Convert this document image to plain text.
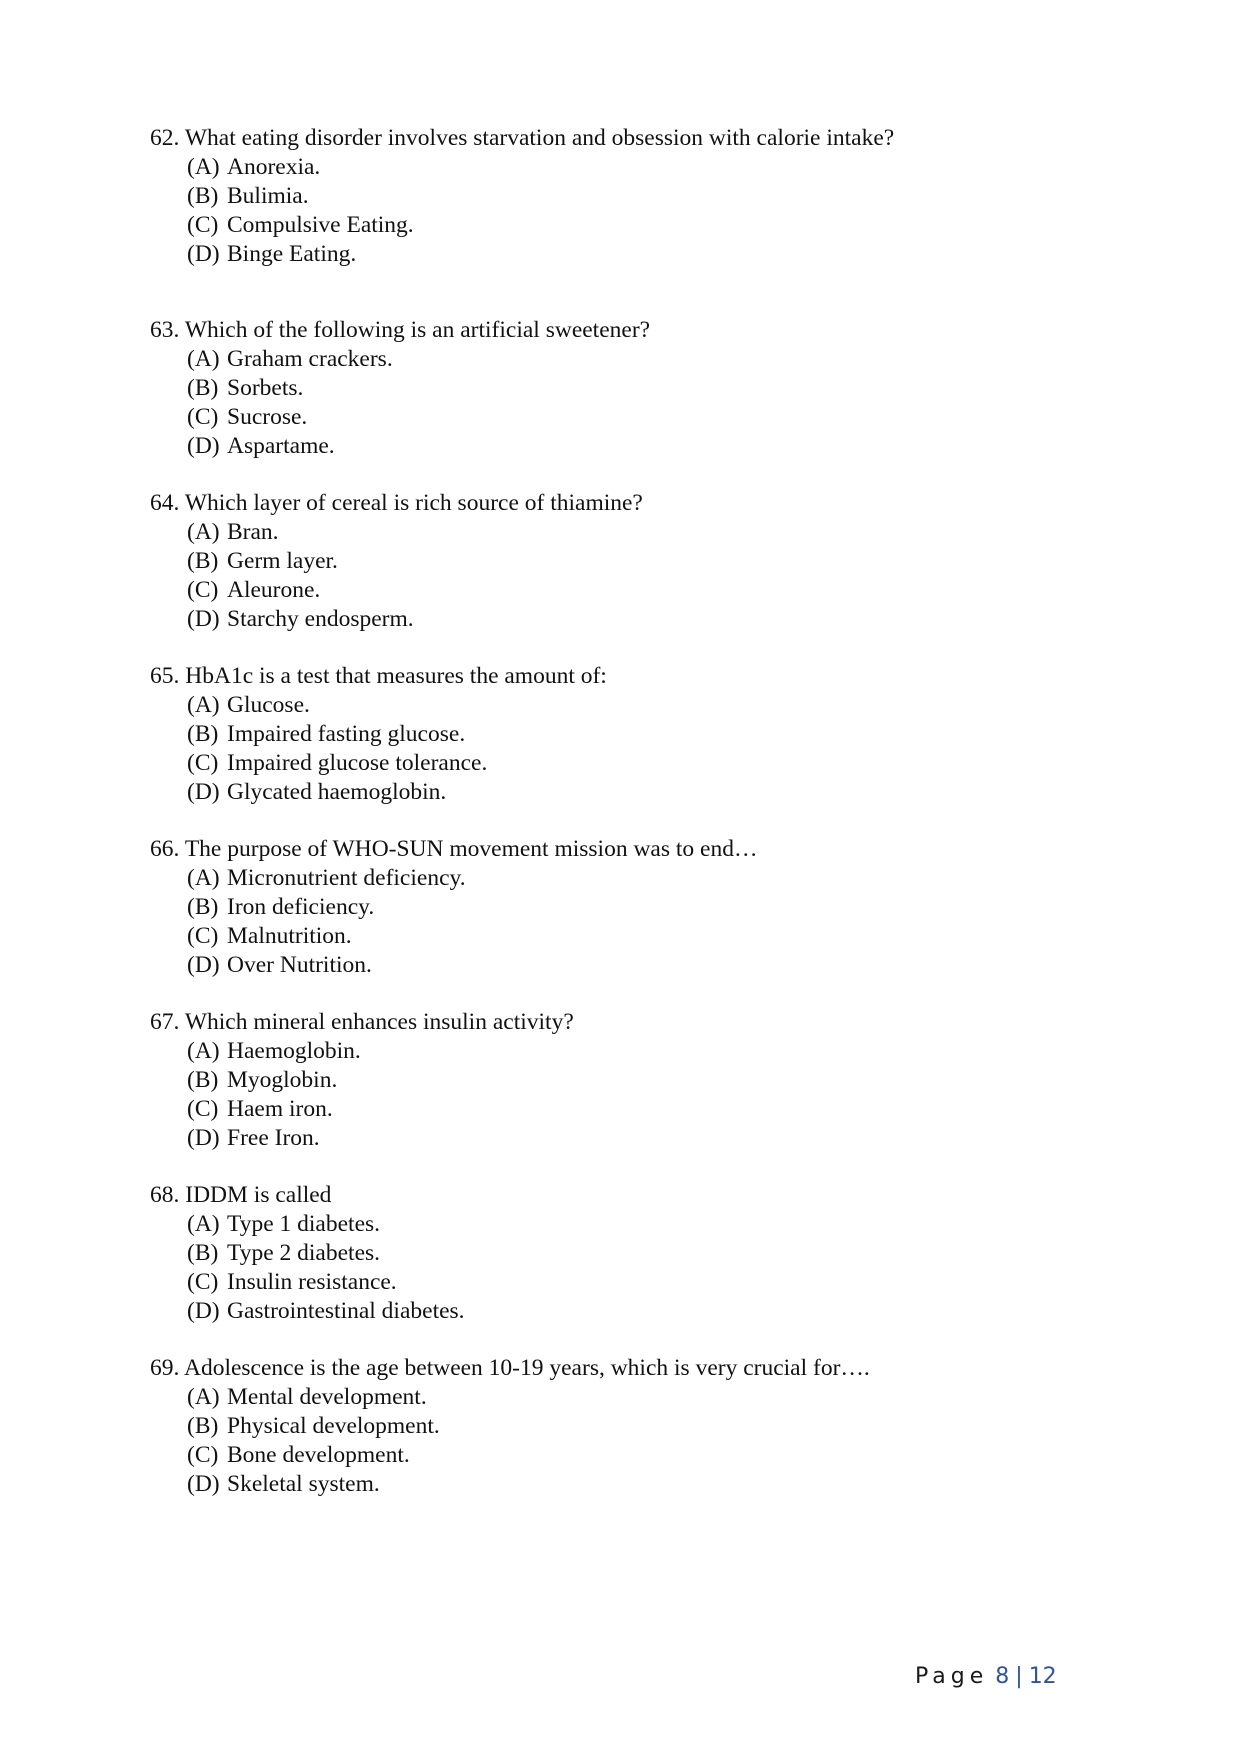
62. What eating disorder involves starvation and obsession with calorie intake?
(A) Anorexia.
(B) Bulimia.
(C) Compulsive Eating.
(D) Binge Eating.
63. Which of the following is an artificial sweetener?
(A) Graham crackers.
(B) Sorbets.
(C) Sucrose.
(D) Aspartame.
64. Which layer of cereal is rich source of thiamine?
(A) Bran.
(B) Germ layer.
(C) Aleurone.
(D) Starchy endosperm.
65. HbA1c is a test that measures the amount of:
(A) Glucose.
(B) Impaired fasting glucose.
(C) Impaired glucose tolerance.
(D) Glycated haemoglobin.
66. The purpose of WHO-SUN movement mission was to end…
(A) Micronutrient deficiency.
(B) Iron deficiency.
(C) Malnutrition.
(D) Over Nutrition.
67. Which mineral enhances insulin activity?
(A) Haemoglobin.
(B) Myoglobin.
(C) Haem iron.
(D) Free Iron.
68. IDDM is called
(A) Type 1 diabetes.
(B) Type 2 diabetes.
(C) Insulin resistance.
(D) Gastrointestinal diabetes.
69. Adolescence is the age between 10-19 years, which is very crucial for….
(A) Mental development.
(B) Physical development.
(C) Bone development.
(D) Skeletal system.
Page 8 | 12
